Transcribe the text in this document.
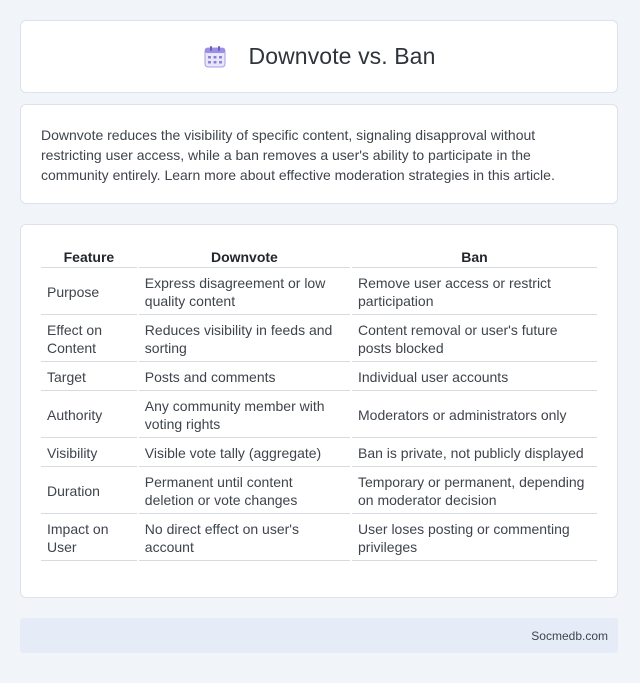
Downvote vs. Ban

Downvote reduces the visibility of specific content, signaling disapproval without restricting user access, while a ban removes a user's ability to participate in the community entirely. Learn more about effective moderation strategies in this article.

Feature	Downvote	Ban
Purpose	Express disagreement or low quality content	Remove user access or restrict participation
Effect on Content	Reduces visibility in feeds and sorting	Content removal or user's future posts blocked
Target	Posts and comments	Individual user accounts
Authority	Any community member with voting rights	Moderators or administrators only
Visibility	Visible vote tally (aggregate)	Ban is private, not publicly displayed
Duration	Permanent until content deletion or vote changes	Temporary or permanent, depending on moderator decision
Impact on User	No direct effect on user's account	User loses posting or commenting privileges
Socmedb.com
